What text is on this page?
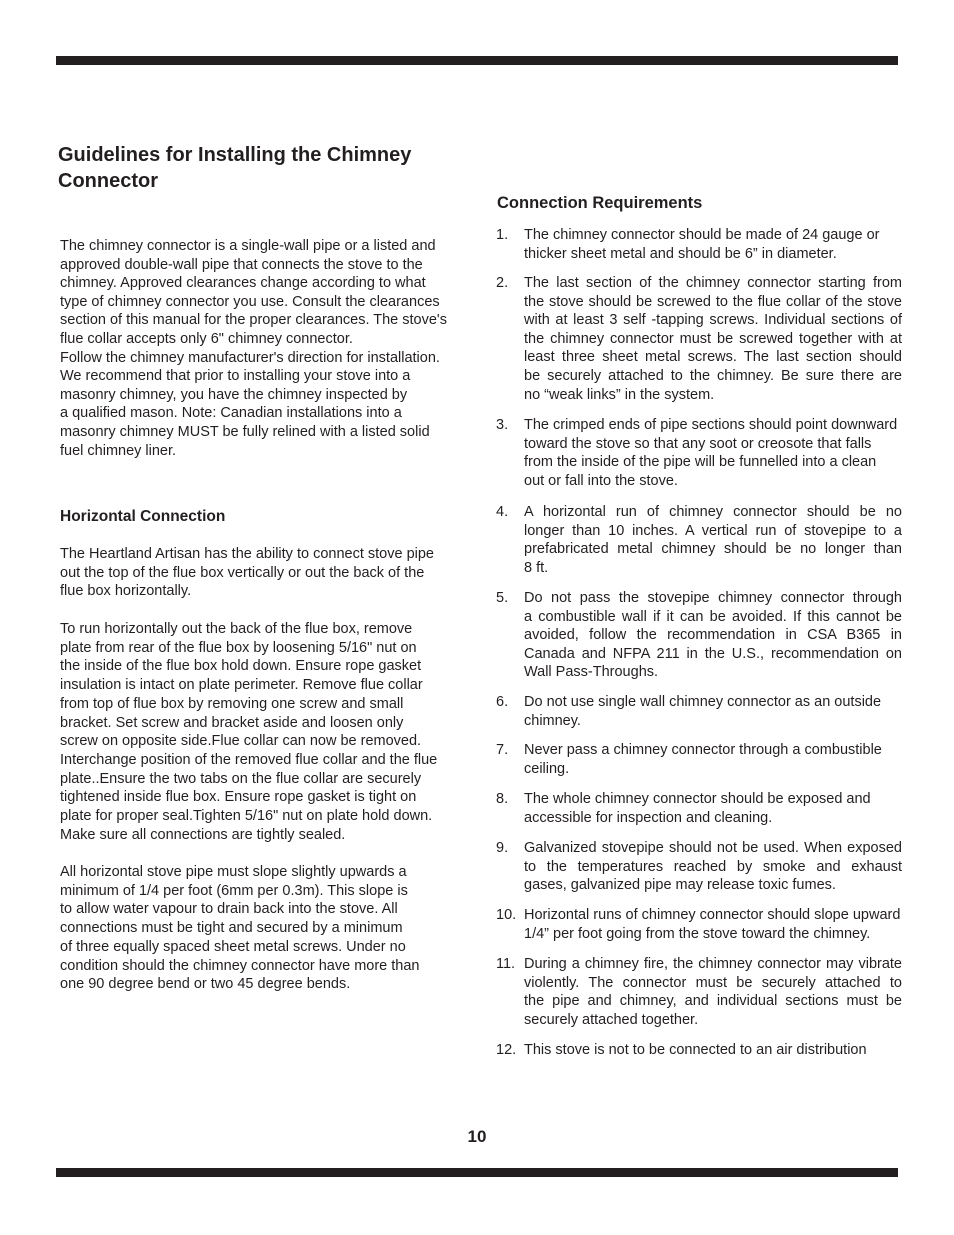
Guidelines for Installing the Chimney
Connector

The chimney connector is a single-wall pipe or a listed and
approved double-wall pipe that connects the stove to the
chimney. Approved clearances change according to what
type of chimney connector you use. Consult the clearances
section of this manual for the proper clearances. The stove's
flue collar accepts only 6" chimney connector.
Follow the chimney manufacturer's direction for installation.
We recommend that prior to installing your stove into a
masonry chimney, you have the chimney inspected by
a qualified mason. Note: Canadian installations into a
masonry chimney MUST be fully relined with a listed solid
fuel chimney liner.

Horizontal Connection

The Heartland Artisan has the ability to connect stove pipe
out the top of the flue box vertically or out the back of the
flue box horizontally.

To run horizontally out the back of the flue box, remove
plate from rear of the flue box by loosening 5/16" nut on
the inside of the flue box hold down. Ensure rope gasket
insulation is intact on plate perimeter. Remove flue collar
from top of flue box by removing one screw and small
bracket. Set screw and bracket aside and loosen only
screw on opposite side.Flue collar can now be removed.
Interchange position of the removed flue collar and the flue
plate..Ensure the two tabs on the flue collar are securely
tightened inside flue box. Ensure rope gasket is tight on
plate for proper seal.Tighten 5/16" nut on plate hold down.
Make sure all connections are tightly sealed.

All horizontal stove pipe must slope slightly upwards a
minimum of 1/4 per foot (6mm per 0.3m). This slope is
to allow water vapour to drain back into the stove. All
connections must be tight and secured by a minimum
of three equally spaced sheet metal screws. Under no
condition should the chimney connector have more than
one 90 degree bend or two 45 degree bends.

Connection Requirements
1.	The chimney connector should be made of 24 gauge or
thicker sheet metal and should be 6” in diameter.
2.	The last section of the chimney connector starting from
the stove should be screwed to the flue collar of the stove
with at least 3 self -tapping screws. Individual sections of
the chimney connector must be screwed together with at
least three sheet metal screws. The last section should
be securely attached to the chimney. Be sure there are
no “weak links” in the system.
3.	The crimped ends of pipe sections should point downward
toward the stove so that any soot or creosote that falls
from the inside of the pipe will be funnelled into a clean
out or fall into the stove.
4.	A horizontal run of chimney connector should be no
longer than 10 inches. A vertical run of stovepipe to a
prefabricated metal chimney should be no longer than
8 ft.
5.	Do not pass the stovepipe chimney connector through
a combustible wall if it can be avoided. If this cannot be
avoided, follow the recommendation in CSA B365 in
Canada and NFPA 211 in the U.S., recommendation on
Wall Pass-Throughs.
6.	Do not use single wall chimney connector as an outside
chimney.
7.	Never pass a chimney connector through a combustible
ceiling.
8.	The whole chimney connector should be exposed and
accessible for inspection and cleaning.
9.	Galvanized stovepipe should not be used. When exposed
to the temperatures reached by smoke and exhaust
gases, galvanized pipe may release toxic fumes.
10. Horizontal runs of chimney connector should slope upward
1/4” per foot going from the stove toward the chimney.
11. During a chimney fire, the chimney connector may vibrate
violently. The connector must be securely attached to
the pipe and chimney, and individual sections must be
securely attached together.
12. This stove is not to be connected to an air distribution
10
